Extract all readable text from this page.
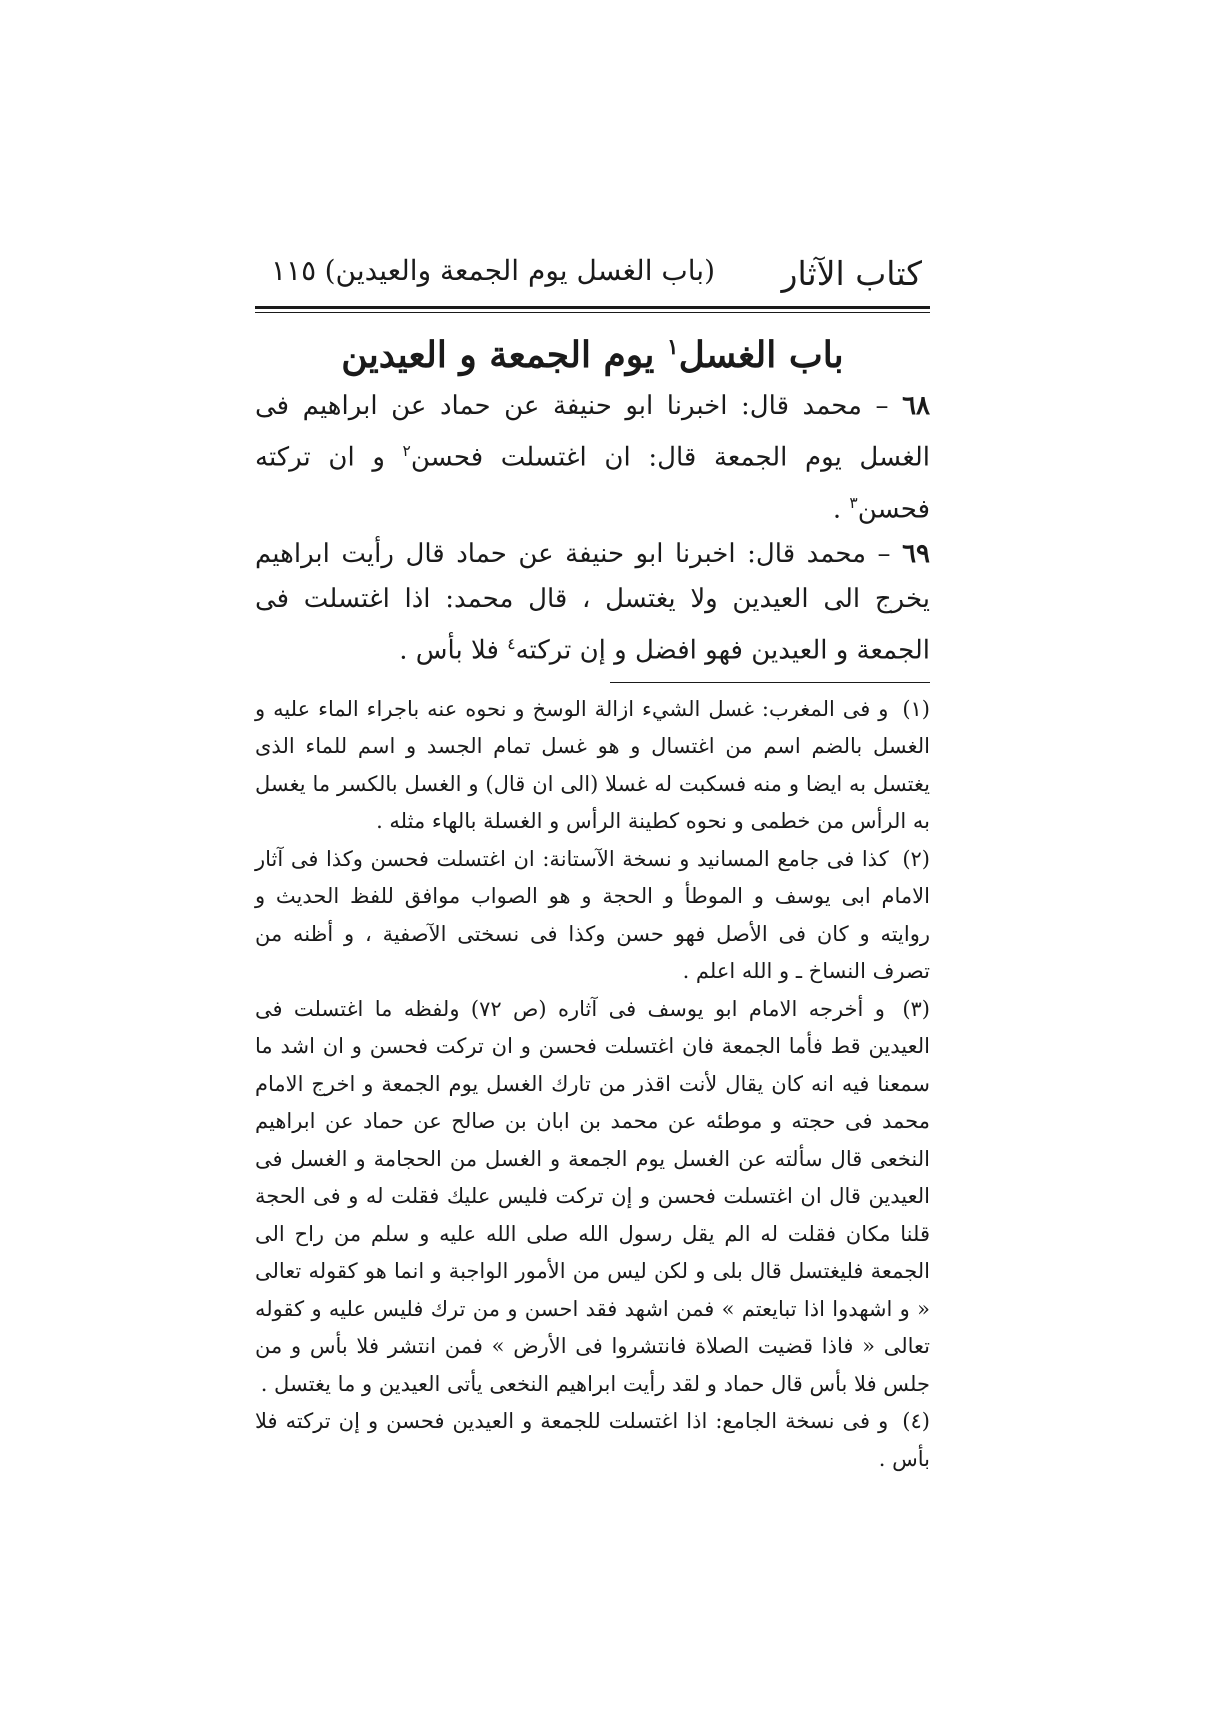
كتاب الآثار
(باب الغسل يوم الجمعة والعيدين)
١١٥
باب الغسل$^١$ يوم الجمعة و العيدين

٦٨ – محمد قال: اخبرنا ابو حنيفة عن حماد عن ابراهيم فى الغسل يوم الجمعة قال: ان اغتسلت فحسن$^٢$ و ان تركته فحسن$^٣$ .

٦٩ – محمد قال: اخبرنا ابو حنيفة عن حماد قال رأيت ابراهيم يخرج الى العيدين ولا يغتسل ، قال محمد: اذا اغتسلت فى الجمعة و العيدين فهو افضل و إن تركته$^٤$ فلا بأس .

(١) و فى المغرب: غسل الشيء ازالة الوسخ و نحوه عنه باجراء الماء عليه و الغسل بالضم اسم من اغتسال و هو غسل تمام الجسد و اسم للماء الذى يغتسل به ايضا و منه فسكبت له غسلا (الى ان قال) و الغسل بالكسر ما يغسل به الرأس من خطمى و نحوه كطينة الرأس و الغسلة بالهاء مثله .

(٢) كذا فى جامع المسانيد و نسخة الآستانة: ان اغتسلت فحسن وكذا فى آثار الامام ابى يوسف و الموطأ و الحجة و هو الصواب موافق للفظ الحديث و روايته و كان فى الأصل فهو حسن وكذا فى نسختى الآصفية ، و أظنه من تصرف النساخ ـ و الله اعلم .

(٣) و أخرجه الامام ابو يوسف فى آثاره (ص ٧٢) ولفظه ما اغتسلت فى العيدين قط فأما الجمعة فان اغتسلت فحسن و ان تركت فحسن و ان اشد ما سمعنا فيه انه كان يقال لأنت اقذر من تارك الغسل يوم الجمعة و اخرج الامام محمد فى حجته و موطئه عن محمد بن ابان بن صالح عن حماد عن ابراهيم النخعى قال سألته عن الغسل يوم الجمعة و الغسل من الحجامة و الغسل فى العيدين قال ان اغتسلت فحسن و إن تركت فليس عليك فقلت له و فى الحجة قلنا مكان فقلت له الم يقل رسول الله صلى الله عليه و سلم من راح الى الجمعة فليغتسل قال بلى و لكن ليس من الأمور الواجبة و انما هو كقوله تعالى « و اشهدوا اذا تبايعتم » فمن اشهد فقد احسن و من ترك فليس عليه و كقوله تعالى « فاذا قضيت الصلاة فانتشروا فى الأرض » فمن انتشر فلا بأس و من جلس فلا بأس قال حماد و لقد رأيت ابراهيم النخعى يأتى العيدين و ما يغتسل .

(٤) و فى نسخة الجامع: اذا اغتسلت للجمعة و العيدين فحسن و إن تركته فلا بأس .
